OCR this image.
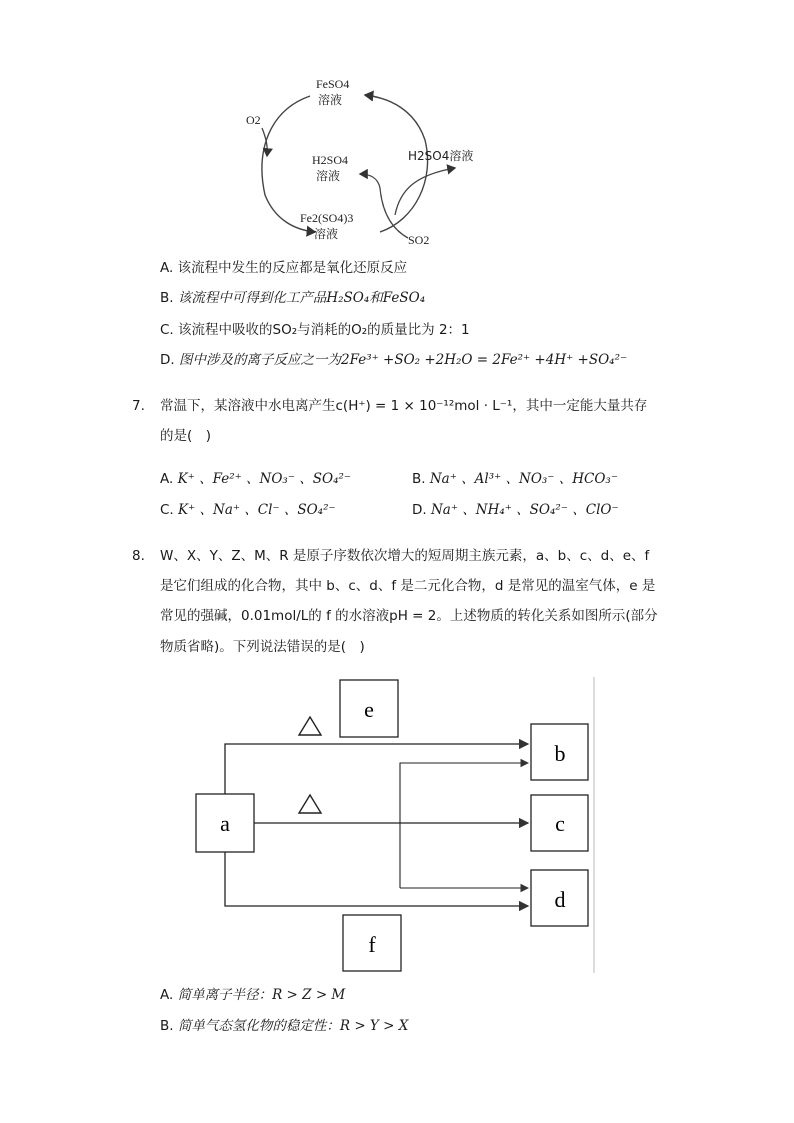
FeSO4
溶液
O2
H2SO4
溶液
Fe2(SO4)3
溶液
H2SO4溶液
SO2
A. 该流程中发生的反应都是氧化还原反应
B. 该流程中可得到化工产品H₂SO₄和FeSO₄
C. 该流程中吸收的SO₂与消耗的O₂的质量比为 2：1
D. 图中涉及的离子反应之一为2Fe³⁺ +SO₂ +2H₂O = 2Fe²⁺ +4H⁺ +SO₄²⁻
7. 常温下，某溶液中水电离产生c(H⁺) = 1 × 10⁻¹²mol · L⁻¹，其中一定能大量共存
的是(　)
A. K⁺ 、Fe²⁺ 、NO₃⁻ 、SO₄²⁻	B. Na⁺ 、Al³⁺ 、NO₃⁻ 、HCO₃⁻
C. K⁺ 、Na⁺ 、Cl⁻ 、SO₄²⁻	D. Na⁺ 、NH₄⁺ 、SO₄²⁻ 、ClO⁻
8. W、X、Y、Z、M、R 是原子序数依次增大的短周期主族元素，a、b、c、d、e、f
是它们组成的化合物，其中 b、c、d、f 是二元化合物，d 是常见的温室气体，e 是
常见的强碱，0.01mol/L的 f 的水溶液pH = 2。上述物质的转化关系如图所示(部分
物质省略)。下列说法错误的是(　)
e
a
b
c
d
f
A. 简单离子半径：R > Z > M
B. 简单气态氢化物的稳定性：R > Y > X
